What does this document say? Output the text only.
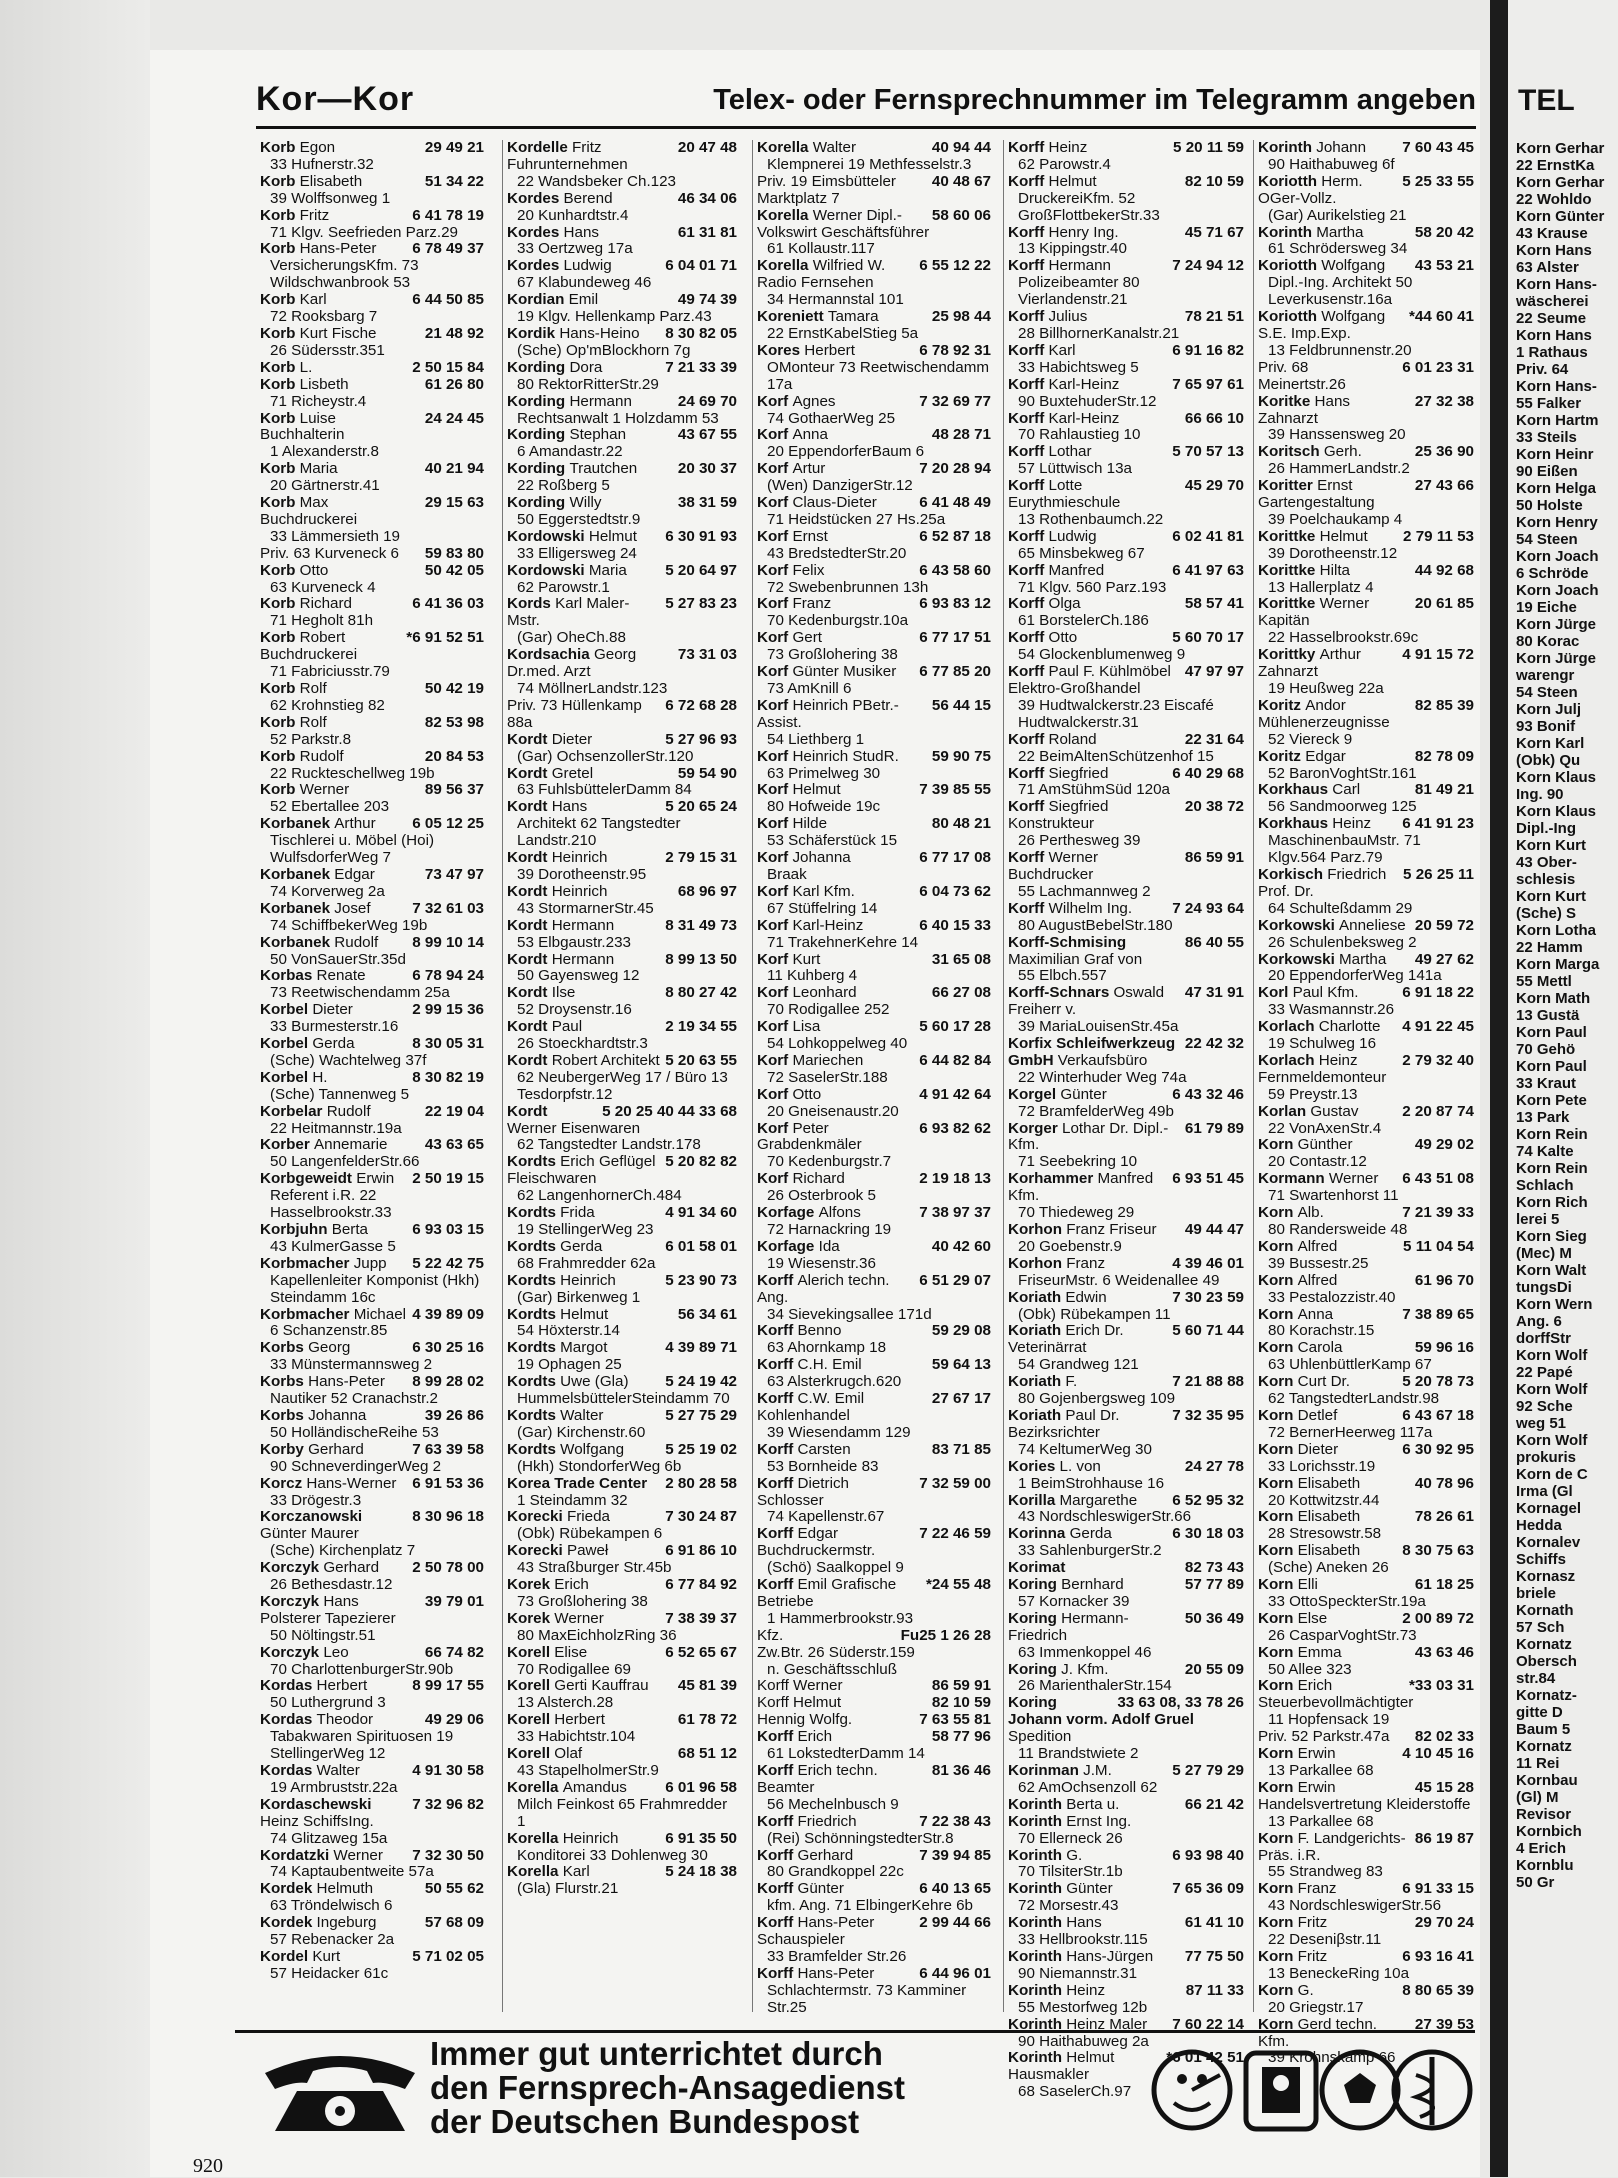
Kor—Kor	Telex- oder Fernsprechnummer im Telegramm angeben
29 49 21
Korb Egon
33 Hufnerstr.32
51 34 22
Korb Elisabeth
39 Wolffsonweg 1
6 41 78 19
Korb Fritz
71 Klgv. Seefrieden Parz.29
6 78 49 37
Korb Hans-Peter
VersicherungsKfm. 73 Wildschwanbrook 53
6 44 50 85
Korb Karl
72 Rooksbarg 7
21 48 92
Korb Kurt Fische
26 Südersstr.351
2 50 15 84
Korb L.
61 26 80
Korb Lisbeth
71 Richeystr.4
24 24 45
Korb Luise Buchhalterin
1 Alexanderstr.8
40 21 94
Korb Maria
20 Gärtnerstr.41
29 15 63
Korb Max Buchdruckerei
33 Lämmersieth 19
59 83 80
Priv. 63 Kurveneck 6
50 42 05
Korb Otto
63 Kurveneck 4
6 41 36 03
Korb Richard
71 Hegholt 81h
*6 91 52 51
Korb Robert Buchdruckerei
71 Fabriciusstr.79
50 42 19
Korb Rolf
62 Krohnstieg 82
82 53 98
Korb Rolf
52 Parkstr.8
20 84 53
Korb Rudolf
22 Ruckteschellweg 19b
89 56 37
Korb Werner
52 Ebertallee 203
6 05 12 25
Korbanek Arthur
Tischlerei u. Möbel (Hoi) WulfsdorferWeg 7
73 47 97
Korbanek Edgar
74 Korverweg 2a
7 32 61 03
Korbanek Josef
74 SchiffbekerWeg 19b
8 99 10 14
Korbanek Rudolf
50 VonSauerStr.35d
6 78 94 24
Korbas Renate
73 Reetwischendamm 25a
2 99 15 36
Korbel Dieter
33 Burmesterstr.16
8 30 05 31
Korbel Gerda
(Sche) Wachtelweg 37f
8 30 82 19
Korbel H.
(Sche) Tannenweg 5
22 19 04
Korbelar Rudolf
22 Heitmannstr.19a
43 63 65
Korber Annemarie
50 LangenfelderStr.66
2 50 19 15
Korbgeweidt Erwin
Referent i.R. 22 Hasselbrookstr.33
6 93 03 15
Korbjuhn Berta
43 KulmerGasse 5
5 22 42 75
Korbmacher Jupp
Kapellenleiter Komponist (Hkh) Steindamm 16c
4 39 89 09
Korbmacher Michael
6 Schanzenstr.85
6 30 25 16
Korbs Georg
33 Münstermannsweg 2
8 99 28 02
Korbs Hans-Peter
Nautiker 52 Cranachstr.2
39 26 86
Korbs Johanna
50 HolländischeReihe 53
7 63 39 58
Korby Gerhard
90 SchneverdingerWeg 2
6 91 53 36
Korcz Hans-Werner
33 Drögestr.3
8 30 96 18
Korczanowski Günter Maurer
(Sche) Kirchenplatz 7
2 50 78 00
Korczyk Gerhard
26 Bethesdastr.12
39 79 01
Korczyk Hans Polsterer Tapezierer
50 Nöltingstr.51
66 74 82
Korczyk Leo
70 CharlottenburgerStr.90b
8 99 17 55
Kordas Herbert
50 Luthergrund 3
49 29 06
Kordas Theodor
Tabakwaren Spirituosen 19 StellingerWeg 12
4 91 30 58
Kordas Walter
19 Armbruststr.22a
7 32 96 82
Kordaschewski Heinz SchiffsIng.
74 Glitzaweg 15a
7 32 30 50
Kordatzki Werner
74 Kaptaubentweite 57a
50 55 62
Kordek Helmuth
63 Tröndelwisch 6
57 68 09
Kordek Ingeburg
57 Rebenacker 2a
5 71 02 05
Kordel Kurt
57 Heidacker 61c
20 47 48
Kordelle Fritz Fuhrunternehmen
22 Wandsbeker Ch.123
46 34 06
Kordes Berend
20 Kunhardtstr.4
61 31 81
Kordes Hans
33 Oertzweg 17a
6 04 01 71
Kordes Ludwig
67 Klabundeweg 46
49 74 39
Kordian Emil
19 Klgv. Hellenkamp Parz.43
8 30 82 05
Kordik Hans-Heino
(Sche) Op'mBlockhorn 7g
7 21 33 39
Kording Dora
80 RektorRitterStr.29
24 69 70
Kording Hermann
Rechtsanwalt 1 Holzdamm 53
43 67 55
Kording Stephan
6 Amandastr.22
20 30 37
Kording Trautchen
22 Roßberg 5
38 31 59
Kording Willy
50 Eggerstedtstr.9
6 30 91 93
Kordowski Helmut
33 Elligersweg 24
5 20 64 97
Kordowski Maria
62 Parowstr.1
5 27 83 23
Kords Karl Maler-Mstr.
(Gar) OheCh.88
73 31 03
Kordsachia Georg Dr.med. Arzt
74 MöllnerLandstr.123
6 72 68 28
Priv. 73 Hüllenkamp 88a
5 27 96 93
Kordt Dieter
(Gar) OchsenzollerStr.120
59 54 90
Kordt Gretel
63 FuhlsbüttelerDamm 84
5 20 65 24
Kordt Hans
Architekt 62 Tangstedter Landstr.210
2 79 15 31
Kordt Heinrich
39 Dorotheenstr.95
68 96 97
Kordt Heinrich
43 StormarnerStr.45
8 31 49 73
Kordt Hermann
53 Elbgaustr.233
8 99 13 50
Kordt Hermann
50 Gayensweg 12
8 80 27 42
Kordt Ilse
52 Droysenstr.16
2 19 34 55
Kordt Paul
26 Stoeckhardtstr.3
5 20 63 55
Kordt Robert Architekt
62 NeubergerWeg 17 / Büro 13 Tesdorpfstr.12
44 33 68
5 20 25 40
Kordt Werner Eisenwaren
62 Tangstedter Landstr.178
5 20 82 82
Kordts Erich Geflügel Fleischwaren
62 LangenhornerCh.484
4 91 34 60
Kordts Frida
19 StellingerWeg 23
6 01 58 01
Kordts Gerda
68 Frahmredder 62a
5 23 90 73
Kordts Heinrich
(Gar) Birkenweg 1
56 34 61
Kordts Helmut
54 Höxterstr.14
4 39 89 71
Kordts Margot
19 Ophagen 25
5 24 19 42
Kordts Uwe (Gla)
HummelsbüttelerSteindamm 70
5 27 75 29
Kordts Walter
(Gar) Kirchenstr.60
5 25 19 02
Kordts Wolfgang
(Hkh) StondorferWeg 6b
2 80 28 58
Korea Trade Center
1 Steindamm 32
7 30 24 87
Korecki Frieda
(Obk) Rübekampen 6
6 91 86 10
Korecki Paweł
43 Straßburger Str.45b
6 77 84 92
Korek Erich
73 Großlohering 38
7 38 39 37
Korek Werner
80 MaxEichholzRing 36
6 52 65 67
Korell Elise
70 Rodigallee 69
45 81 39
Korell Gerti Kauffrau
13 Alsterch.28
61 78 72
Korell Herbert
33 Habichtstr.104
68 51 12
Korell Olaf
43 StapelholmerStr.9
6 01 96 58
Korella Amandus
Milch Feinkost 65 Frahmredder 1
6 91 35 50
Korella Heinrich
Konditorei 33 Dohlenweg 30
5 24 18 38
Korella Karl
(Gla) Flurstr.21
40 94 44
Korella Walter
Klempnerei 19 Methfesselstr.3
40 48 67
Priv. 19 Eimsbütteler Marktplatz 7
58 60 06
Korella Werner Dipl.-Volkswirt Geschäftsführer
61 Kollaustr.117
6 55 12 22
Korella Wilfried W. Radio Fernsehen
34 Hermannstal 101
25 98 44
Koreniett Tamara
22 ErnstKabelStieg 5a
6 78 92 31
Kores Herbert
OMonteur 73 Reetwischendamm 17a
7 32 69 77
Korf Agnes
74 GothaerWeg 25
48 28 71
Korf Anna
20 EppendorferBaum 6
7 20 28 94
Korf Artur
(Wen) DanzigerStr.12
6 41 48 49
Korf Claus-Dieter
71 Heidstücken 27 Hs.25a
6 52 87 18
Korf Ernst
43 BredstedterStr.20
6 43 58 60
Korf Felix
72 Swebenbrunnen 13h
6 93 83 12
Korf Franz
70 Kedenburgstr.10a
6 77 17 51
Korf Gert
73 Großlohering 38
6 77 85 20
Korf Günter Musiker
73 AmKnill 6
56 44 15
Korf Heinrich PBetr.-Assist.
54 Liethberg 1
59 90 75
Korf Heinrich StudR.
63 Primelweg 30
7 39 85 55
Korf Helmut
80 Hofweide 19c
80 48 21
Korf Hilde
53 Schäferstück 15
6 77 17 08
Korf Johanna
Braak
6 04 73 62
Korf Karl Kfm.
67 Stüffelring 14
6 40 15 33
Korf Karl-Heinz
71 TrakehnerKehre 14
31 65 08
Korf Kurt
11 Kuhberg 4
66 27 08
Korf Leonhard
70 Rodigallee 252
5 60 17 28
Korf Lisa
54 Lohkoppelweg 40
6 44 82 84
Korf Mariechen
72 SaselerStr.188
4 91 42 64
Korf Otto
20 Gneisenaustr.20
6 93 82 62
Korf Peter Grabdenkmäler
70 Kedenburgstr.7
2 19 18 13
Korf Richard
26 Osterbrook 5
7 38 97 37
Korfage Alfons
72 Harnackring 19
40 42 60
Korfage Ida
19 Wiesenstr.36
6 51 29 07
Korff Alerich techn. Ang.
34 Sievekingsallee 171d
59 29 08
Korff Benno
63 Ahornkamp 18
59 64 13
Korff C.H. Emil
63 Alsterkrugch.620
27 67 17
Korff C.W. Emil Kohlenhandel
39 Wiesendamm 129
83 71 85
Korff Carsten
53 Bornheide 83
7 32 59 00
Korff Dietrich Schlosser
74 Kapellenstr.67
7 22 46 59
Korff Edgar Buchdruckermstr.
(Schö) Saalkoppel 9
*24 55 48
Korff Emil Grafische Betriebe
1 Hammerbrookstr.93
Fu25 1 26 28
Kfz.
Zw.Btr. 26 Süderstr.159
n. Geschäftsschluß
86 59 91
Korff Werner
82 10 59
Korff Helmut
7 63 55 81
Hennig Wolfg.
58 77 96
Korff Erich
61 LokstedterDamm 14
81 36 46
Korff Erich techn. Beamter
56 Mechelnbusch 9
7 22 38 43
Korff Friedrich
(Rei) SchönningstedterStr.8
7 39 94 85
Korff Gerhard
80 Grandkoppel 22c
6 40 13 65
Korff Günter
kfm. Ang. 71 ElbingerKehre 6b
2 99 44 66
Korff Hans-Peter Schauspieler
33 Bramfelder Str.26
6 44 96 01
Korff Hans-Peter
Schlachtermstr. 73 Kamminer Str.25
5 20 11 59
Korff Heinz
62 Parowstr.4
82 10 59
Korff Helmut
DruckereiKfm. 52 GroßFlottbekerStr.33
45 71 67
Korff Henry Ing.
13 Kippingstr.40
7 24 94 12
Korff Hermann
Polizeibeamter 80 Vierlandenstr.21
78 21 51
Korff Julius
28 BillhornerKanalstr.21
6 91 16 82
Korff Karl
33 Habichtsweg 5
7 65 97 61
Korff Karl-Heinz
90 BuxtehuderStr.12
66 66 10
Korff Karl-Heinz
70 Rahlaustieg 10
5 70 57 13
Korff Lothar
57 Lüttwisch 13a
45 29 70
Korff Lotte Eurythmieschule
13 Rothenbaumch.22
6 02 41 81
Korff Ludwig
65 Minsbekweg 67
6 41 97 63
Korff Manfred
71 Klgv. 560 Parz.193
58 57 41
Korff Olga
61 BorstelerCh.186
5 60 70 17
Korff Otto
54 Glockenblumenweg 9
47 97 97
Korff Paul F. Kühlmöbel Elektro-Großhandel
39 Hudtwalckerstr.23 Eiscafé Hudtwalckerstr.31
22 31 64
Korff Roland
22 BeimAltenSchützenhof 15
6 40 29 68
Korff Siegfried
71 AmStühmSüd 120a
20 38 72
Korff Siegfried Konstrukteur
26 Perthesweg 39
86 59 91
Korff Werner Buchdrucker
55 Lachmannweg 2
7 24 93 64
Korff Wilhelm Ing.
80 AugustBebelStr.180
86 40 55
Korff-Schmising Maximilian Graf von
55 Elbch.557
47 31 91
Korff-Schnars Oswald Freiherr v.
39 MariaLouisenStr.45a
22 42 32
Korfix Schleifwerkzeug GmbH Verkaufsbüro
22 Winterhuder Weg 74a
6 43 32 46
Korgel Günter
72 BramfelderWeg 49b
61 79 89
Korger Lothar Dr. Dipl.-Kfm.
71 Seebekring 10
6 93 51 45
Korhammer Manfred Kfm.
70 Thiedeweg 29
49 44 47
Korhon Franz Friseur
20 Goebenstr.9
4 39 46 01
Korhon Franz
FriseurMstr. 6 Weidenallee 49
7 30 23 59
Koriath Edwin
(Obk) Rübekampen 11
5 60 71 44
Koriath Erich Dr. Veterinärrat
54 Grandweg 121
7 21 88 88
Koriath F.
80 Gojenbergsweg 109
7 32 35 95
Koriath Paul Dr. Bezirksrichter
74 KeltumerWeg 30
24 27 78
Kories L. von
1 BeimStrohhause 16
6 52 95 32
Korilla Margarethe
43 NordschleswigerStr.66
6 30 18 03
Korinna Gerda
33 SahlenburgerStr.2
82 73 43
Korimat
57 77 89
Koring Bernhard
57 Kornacker 39
50 36 49
Koring Hermann-Friedrich
63 Immenkoppel 46
20 55 09
Koring J. Kfm.
26 MarienthalerStr.154
33 63 08, 33 78 26
Koring Johann vorm. Adolf Gruel Spedition
11 Brandstwiete 2
5 27 79 29
Korinman J.M.
62 AmOchsenzoll 62
66 21 42
Korinth Berta u.
Korinth Ernst Ing.
70 Ellerneck 26
6 93 98 40
Korinth G.
70 TilsiterStr.1b
7 65 36 09
Korinth Günter
72 Morsestr.43
61 41 10
Korinth Hans
33 Hellbrookstr.115
77 75 50
Korinth Hans-Jürgen
90 Niemannstr.31
87 11 33
Korinth Heinz
55 Mestorfweg 12b
7 60 22 14
Korinth Heinz Maler
90 Haithabuweg 2a
*6 01 42 51
Korinth Helmut Hausmakler
68 SaselerCh.97
7 60 43 45
Korinth Johann
90 Haithabuweg 6f
5 25 33 55
Koriotth Herm. OGer-Vollz.
(Gar) Aurikelstieg 21
58 20 42
Korinth Martha
61 Schrödersweg 34
43 53 21
Koriotth Wolfgang
Dipl.-Ing. Architekt 50 Leverkusenstr.16a
*44 60 41
Koriotth Wolfgang S.E. Imp.Exp.
13 Feldbrunnenstr.20
6 01 23 31
Priv. 68 Meinertstr.26
27 32 38
Koritke Hans Zahnarzt
39 Hanssensweg 20
25 36 90
Koritsch Gerh.
26 HammerLandstr.2
27 43 66
Koritter Ernst Gartengestaltung
39 Poelchaukamp 4
2 79 11 53
Korittke Helmut
39 Dorotheenstr.12
44 92 68
Korittke Hilta
13 Hallerplatz 4
20 61 85
Korittke Werner Kapitän
22 Hasselbrookstr.69c
4 91 15 72
Korittky Arthur Zahnarzt
19 Heußweg 22a
82 85 39
Koritz Andor Mühlenerzeugnisse
52 Viereck 9
82 78 09
Koritz Edgar
52 BaronVoghtStr.161
81 49 21
Korkhaus Carl
56 Sandmoorweg 125
6 41 91 23
Korkhaus Heinz
MaschinenbauMstr. 71 Klgv.564 Parz.79
5 26 25 11
Korkisch Friedrich Prof. Dr.
64 Schulteßdamm 29
20 59 72
Korkowski Anneliese
26 Schulenbeksweg 2
49 27 62
Korkowski Martha
20 EppendorferWeg 141a
6 91 18 22
Korl Paul Kfm.
33 Wasmannstr.26
4 91 22 45
Korlach Charlotte
19 Schulweg 16
2 79 32 40
Korlach Heinz Fernmeldemonteur
59 Preystr.13
2 20 87 74
Korlan Gustav
22 VonAxenStr.4
49 29 02
Korn Günther
20 Contastr.12
6 43 51 08
Kormann Werner
71 Swartenhorst 11
7 21 39 33
Korn Alb.
80 Randersweide 48
5 11 04 54
Korn Alfred
39 Bussestr.25
61 96 70
Korn Alfred
33 Pestalozzistr.40
7 38 89 65
Korn Anna
80 Korachstr.15
59 96 16
Korn Carola
63 UhlenbüttlerKamp 67
5 20 78 73
Korn Curt Dr.
62 TangstedterLandstr.98
6 43 67 18
Korn Detlef
72 BernerHeerweg 117a
6 30 92 95
Korn Dieter
33 Lorichsstr.19
40 78 96
Korn Elisabeth
20 Kottwitzstr.44
78 26 61
Korn Elisabeth
28 Stresowstr.58
8 30 75 63
Korn Elisabeth
(Sche) Aneken 26
61 18 25
Korn Elli
33 OttoSpeckterStr.19a
2 00 89 72
Korn Else
26 CasparVoghtStr.73
43 63 46
Korn Emma
50 Allee 323
*33 03 31
Korn Erich Steuerbevollmächtigter
11 Hopfensack 19
82 02 33
Priv. 52 Parkstr.47a
4 10 45 16
Korn Erwin
13 Parkallee 68
45 15 28
Korn Erwin Handelsvertretung Kleiderstoffe
13 Parkallee 68
86 19 87
Korn F. Landgerichts-Präs. i.R.
55 Strandweg 83
6 91 33 15
Korn Franz
43 NordschleswigerStr.56
29 70 24
Korn Fritz
22 Deseniβstr.11
6 93 16 41
Korn Fritz
13 BeneckeRing 10a
8 80 65 39
Korn G.
20 Griegstr.17
27 39 53
Korn Gerd techn. Kfm.
39 Krohnskamp 66
Immer gut unterrichtet durch
den Fernsprech-Ansagedienst
der Deutschen Bundespost
920
TEL
Korn Gerhar
22 ErnstKa
Korn Gerhar
22 Wohldo
Korn Günter
43 Krause
Korn Hans
63 Alster
Korn Hans-
wäscherei
22 Seume
Korn Hans
1 Rathaus
Priv. 64
Korn Hans-
55 Falker
Korn Hartm
33 Steils
Korn Heinr
90 Eißen
Korn Helga
50 Holste
Korn Henry
54 Steen
Korn Joach
6 Schröde
Korn Joach
19 Eiche
Korn Jürge
80 Korac
Korn Jürge
warengr
54 Steen
Korn Julj
93 Bonif
Korn Karl
(Obk) Qu
Korn Klaus
Ing. 90
Korn Klaus
Dipl.-Ing
Korn Kurt
43 Ober-
schlesis
Korn Kurt
(Sche) S
Korn Lotha
22 Hamm
Korn Marga
55 Mettl
Korn Math
13 Gustä
Korn Paul
70 Gehö
Korn Paul
33 Kraut
Korn Pete
13 Park
Korn Rein
74 Kalte
Korn Rein
Schlach
Korn Rich
lerei 5
Korn Sieg
(Mec) M
Korn Walt
tungsDi
Korn Wern
Ang. 6
dorffStr
Korn Wolf
22 Papé
Korn Wolf
92 Sche
weg 51
Korn Wolf
prokuris
Korn de C
Irma (Gl
Kornagel
Hedda
Kornalev
Schiffs
Kornasz
briele
Kornath
57 Sch
Kornatz
Obersch
str.84
Kornatz-
gitte D
Baum 5
Kornatz
11 Rei
Kornbau
(Gl) M
Revisor
Kornbich
4 Erich
Kornblu
50 Gr
